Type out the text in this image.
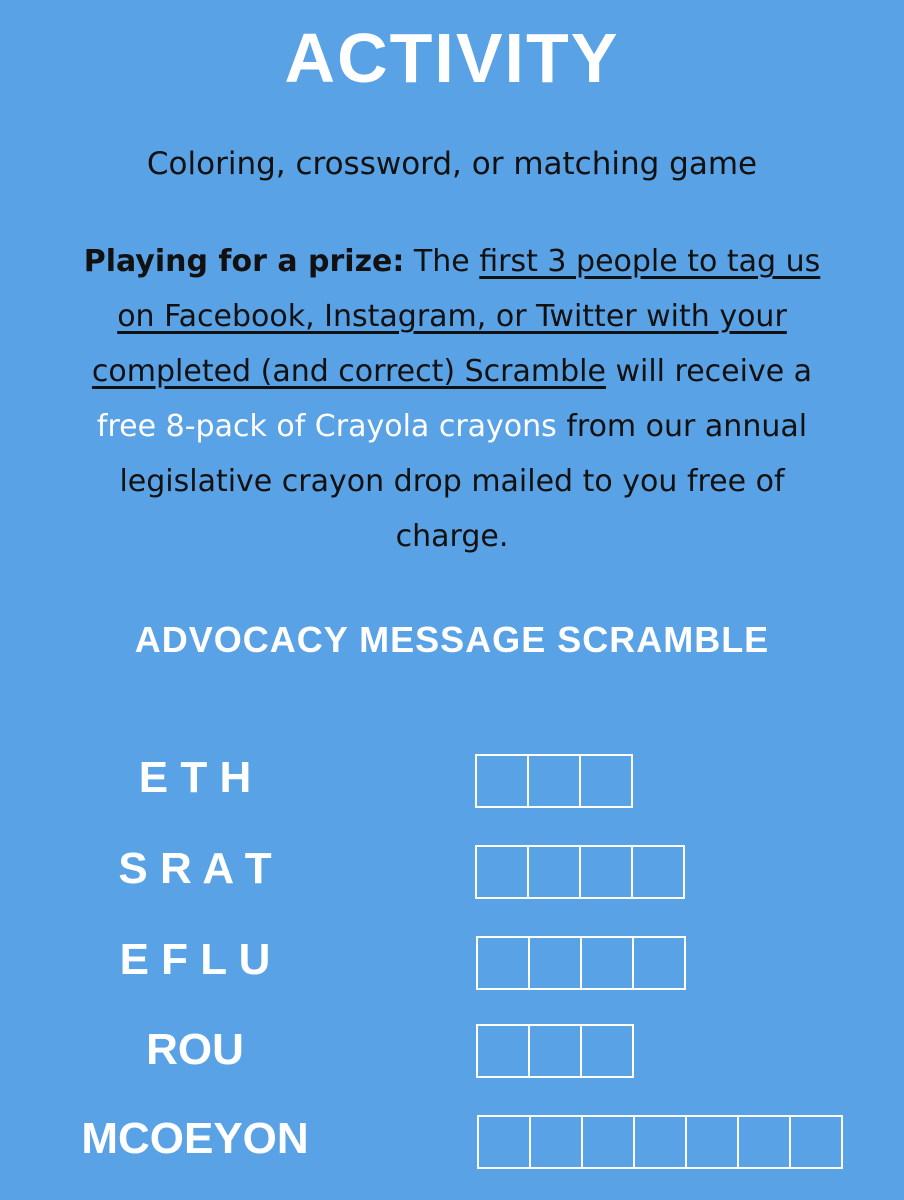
ACTIVITY
Coloring, crossword, or matching game
Playing for a prize: The first 3 people to tag us on Facebook, Instagram, or Twitter with your completed (and correct) Scramble will receive a free 8-pack of Crayola crayons from our annual legislative crayon drop mailed to you free of charge.
ADVOCACY MESSAGE SCRAMBLE
E T H
S R A T
E F L U
ROU
MCOEYON
